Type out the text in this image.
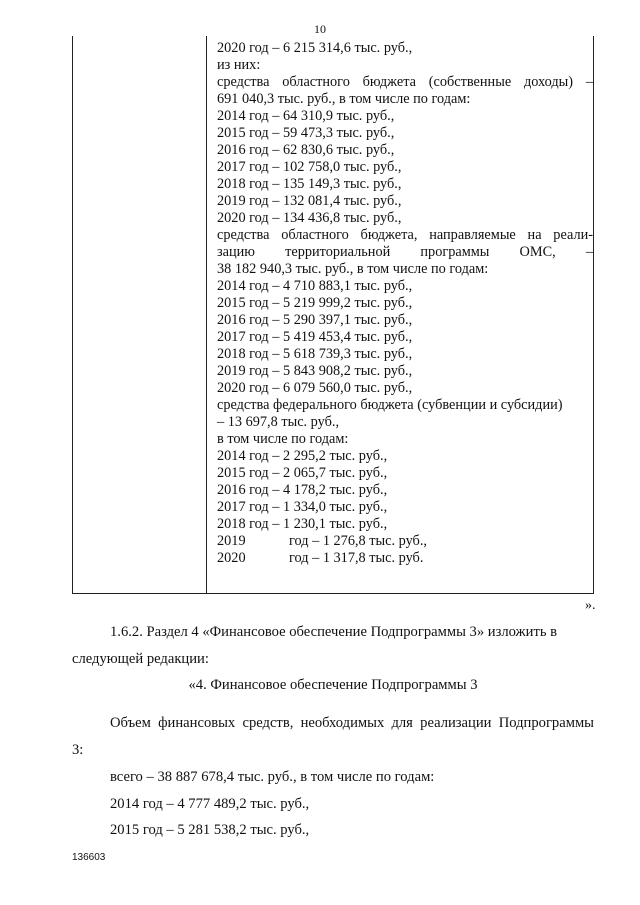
10
2020 год – 6 215 314,6 тыс. руб.,
из них:
средства областного бюджета (собственные доходы) –
691 040,3 тыс. руб., в том числе по годам:
2014 год – 64 310,9 тыс. руб.,
2015 год – 59 473,3 тыс. руб.,
2016 год – 62 830,6 тыс. руб.,
2017 год – 102 758,0 тыс. руб.,
2018 год – 135 149,3 тыс. руб.,
2019 год – 132 081,4 тыс. руб.,
2020 год – 134 436,8 тыс. руб.,
средства областного бюджета, направляемые на реали-
зацию территориальной программы ОМС, –
38 182 940,3 тыс. руб., в том числе по годам:
2014 год – 4 710 883,1 тыс. руб.,
2015 год – 5 219 999,2 тыс. руб.,
2016 год – 5 290 397,1 тыс. руб.,
2017 год – 5 419 453,4 тыс. руб.,
2018 год – 5 618 739,3 тыс. руб.,
2019 год – 5 843 908,2 тыс. руб.,
2020 год – 6 079 560,0 тыс. руб.,
средства федерального бюджета (субвенции и субсидии)
– 13 697,8 тыс. руб.,
в том числе по годам:
2014 год – 2 295,2 тыс. руб.,
2015 год – 2 065,7 тыс. руб.,
2016 год – 4 178,2 тыс. руб.,
2017 год – 1 334,0 тыс. руб.,
2018 год – 1 230,1 тыс. руб.,
2019	год – 1 276,8 тыс. руб.,
2020	год – 1 317,8 тыс. руб.
».
1.6.2. Раздел 4 «Финансовое обеспечение Подпрограммы 3» изложить в
следующей редакции:
«4. Финансовое обеспечение Подпрограммы 3
Объем финансовых средств, необходимых для реализации Подпрограммы
3:
всего – 38 887 678,4 тыс. руб., в том числе по годам:
2014 год – 4 777 489,2 тыс. руб.,
2015 год – 5 281 538,2 тыс. руб.,
136603
